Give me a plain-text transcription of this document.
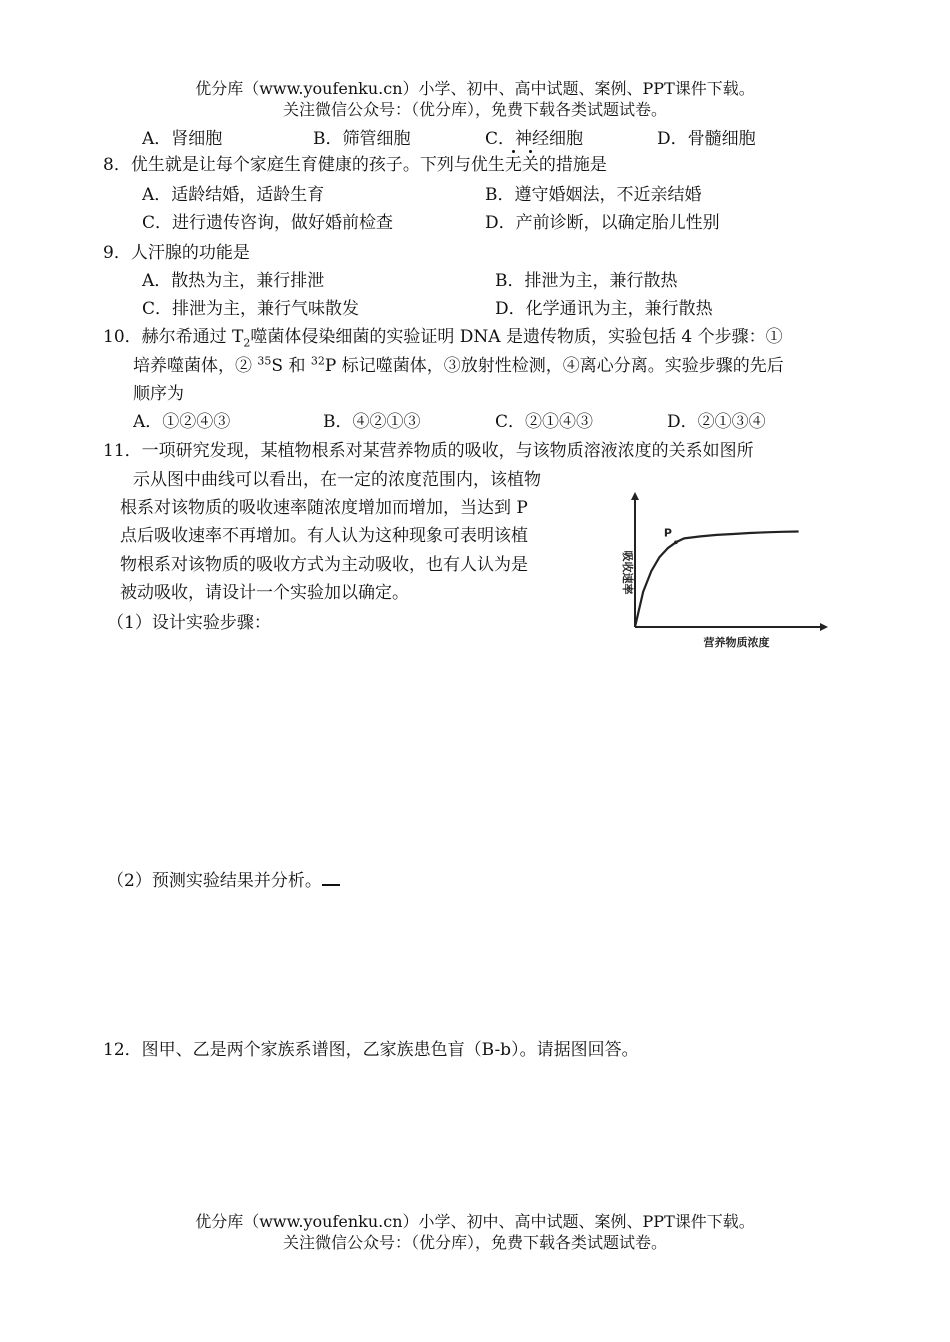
优分库（www.youfenku.cn）小学、初中、高中试题、案例、PPT课件下载。
关注微信公众号：（优分库），免费下载各类试题试卷。
A．肾细胞	B．筛管细胞	C．神经细胞	D．骨髓细胞
8．优生就是让每个家庭生育健康的孩子。下列与优生无关的措施是
A．适龄结婚，适龄生育	B．遵守婚姻法，不近亲结婚
C．进行遗传咨询，做好婚前检查	D．产前诊断，以确定胎儿性别
9．人汗腺的功能是
A．散热为主，兼行排泄	B．排泄为主，兼行散热
C．排泄为主，兼行气味散发	D．化学通讯为主，兼行散热
10．赫尔希通过 $T_2$噬菌体侵染细菌的实验证明 DNA 是遗传物质，实验包括 4 个步骤：①
培养噬菌体，② $^{35}$S 和 $^{32}$P 标记噬菌体，③放射性检测，④离心分离。实验步骤的先后
顺序为
A．①②④③	B．④②①③	C．②①④③	D．②①③④
11．一项研究发现，某植物根系对某营养物质的吸收，与该物质溶液浓度的关系如图所
示从图中曲线可以看出，在一定的浓度范围内，该植物
根系对该物质的吸收速率随浓度增加而增加，当达到 P
点后吸收速率不再增加。有人认为这种现象可表明该植
物根系对该物质的吸收方式为主动吸收，也有人认为是
被动吸收，请设计一个实验加以确定。
（1）设计实验步骤：
P
营养物质浓度
吸收速率
（2）预测实验结果并分析。
12．图甲、乙是两个家族系谱图，乙家族患色盲（B-b）。请据图回答。
优分库（www.youfenku.cn）小学、初中、高中试题、案例、PPT课件下载。
关注微信公众号：（优分库），免费下载各类试题试卷。
